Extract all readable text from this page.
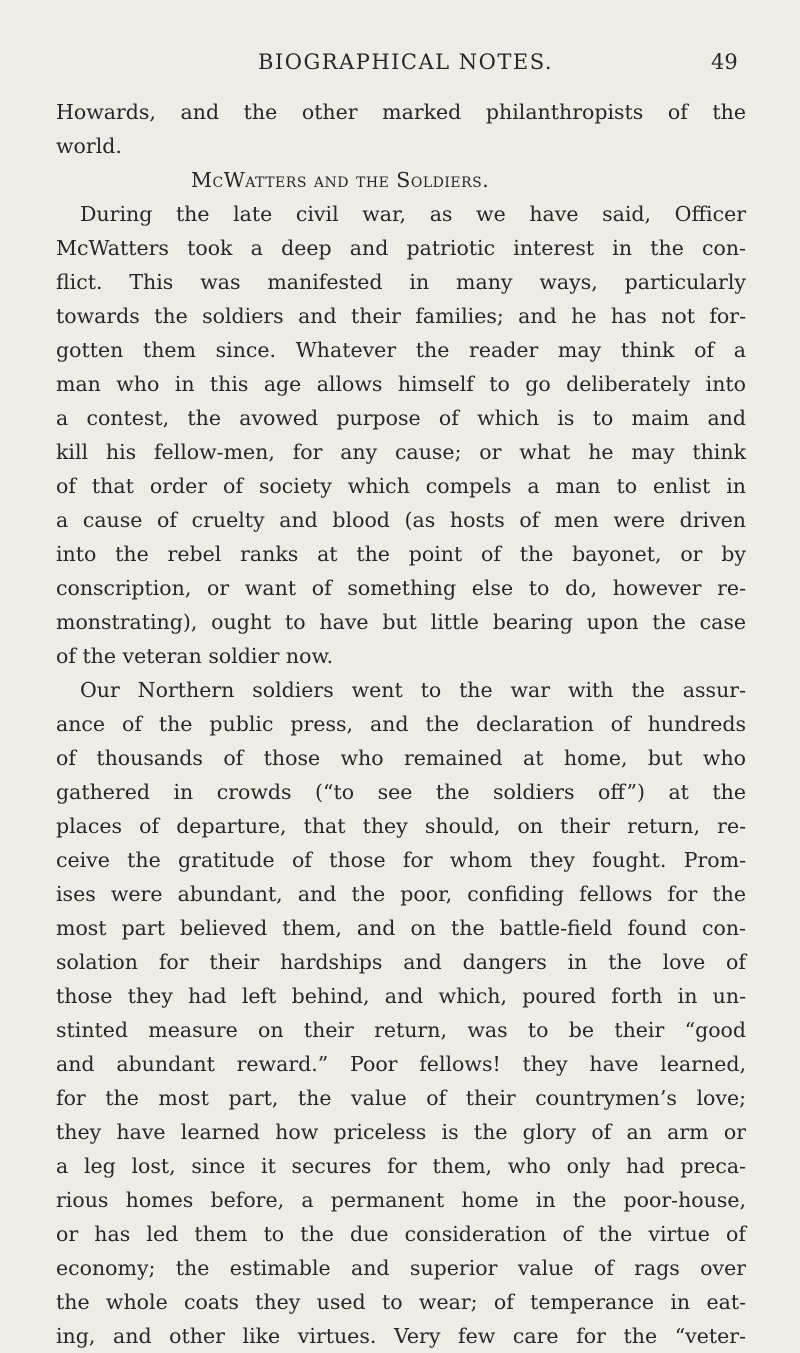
BIOGRAPHICAL NOTES.	49
Howards, and the other marked philanthropists of the
world.
McWatters and the Soldiers.
During the late civil war, as we have said, Officer
McWatters took a deep and patriotic interest in the con-
flict. This was manifested in many ways, particularly
towards the soldiers and their families; and he has not for-
gotten them since. Whatever the reader may think of a
man who in this age allows himself to go deliberately into
a contest, the avowed purpose of which is to maim and
kill his fellow-men, for any cause; or what he may think
of that order of society which compels a man to enlist in
a cause of cruelty and blood (as hosts of men were driven
into the rebel ranks at the point of the bayonet, or by
conscription, or want of something else to do, however re-
monstrating), ought to have but little bearing upon the case
of the veteran soldier now.
Our Northern soldiers went to the war with the assur-
ance of the public press, and the declaration of hundreds
of thousands of those who remained at home, but who
gathered in crowds (“to see the soldiers off”) at the
places of departure, that they should, on their return, re-
ceive the gratitude of those for whom they fought. Prom-
ises were abundant, and the poor, confiding fellows for the
most part believed them, and on the battle-field found con-
solation for their hardships and dangers in the love of
those they had left behind, and which, poured forth in un-
stinted measure on their return, was to be their “good
and abundant reward.” Poor fellows! they have learned,
for the most part, the value of their countrymen’s love;
they have learned how priceless is the glory of an arm or
a leg lost, since it secures for them, who only had preca-
rious homes before, a permanent home in the poor-house,
or has led them to the due consideration of the virtue of
economy; the estimable and superior value of rags over
the whole coats they used to wear; of temperance in eat-
ing, and other like virtues. Very few care for the “veter-
